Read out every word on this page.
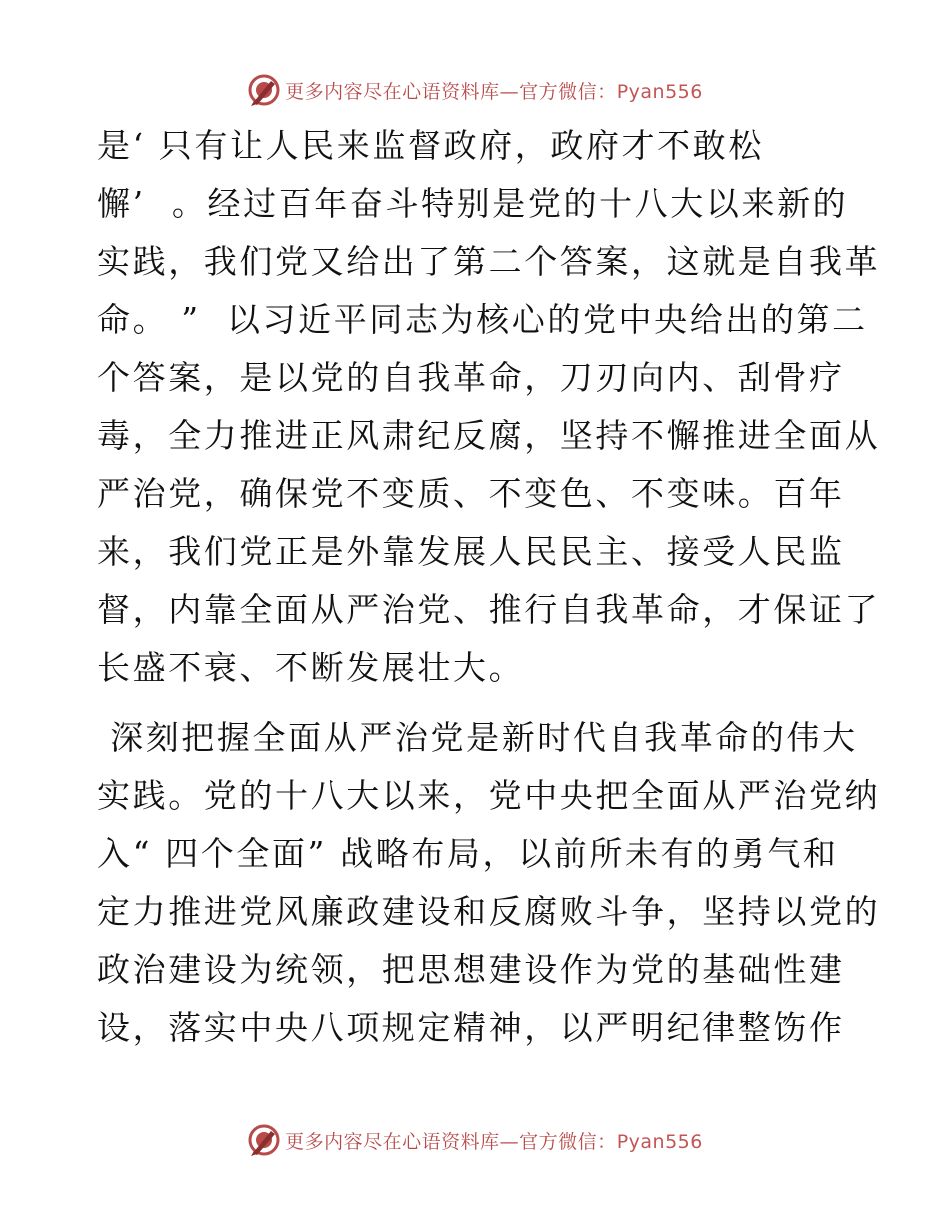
更多内容尽在心语资料库—官方微信：Pyan556
是‘ 只有让人民来监督政府，政府才不敢松
懈’  。经过百年奋斗特别是党的十八大以来新的
实践，我们党又给出了第二个答案，这就是自我革
命。 ”  以习近平同志为核心的党中央给出的第二
个答案，是以党的自我革命，刀刃向内、刮骨疗
毒，全力推进正风肃纪反腐，坚持不懈推进全面从
严治党，确保党不变质、不变色、不变味。百年
来，我们党正是外靠发展人民民主、接受人民监
督，内靠全面从严治党、推行自我革命，才保证了
长盛不衰、不断发展壮大。
深刻把握全面从严治党是新时代自我革命的伟大
实践。党的十八大以来，党中央把全面从严治党纳
入“ 四个全面” 战略布局，以前所未有的勇气和
定力推进党风廉政建设和反腐败斗争，坚持以党的
政治建设为统领，把思想建设作为党的基础性建
设，落实中央八项规定精神，以严明纪律整饬作
更多内容尽在心语资料库—官方微信：Pyan556
